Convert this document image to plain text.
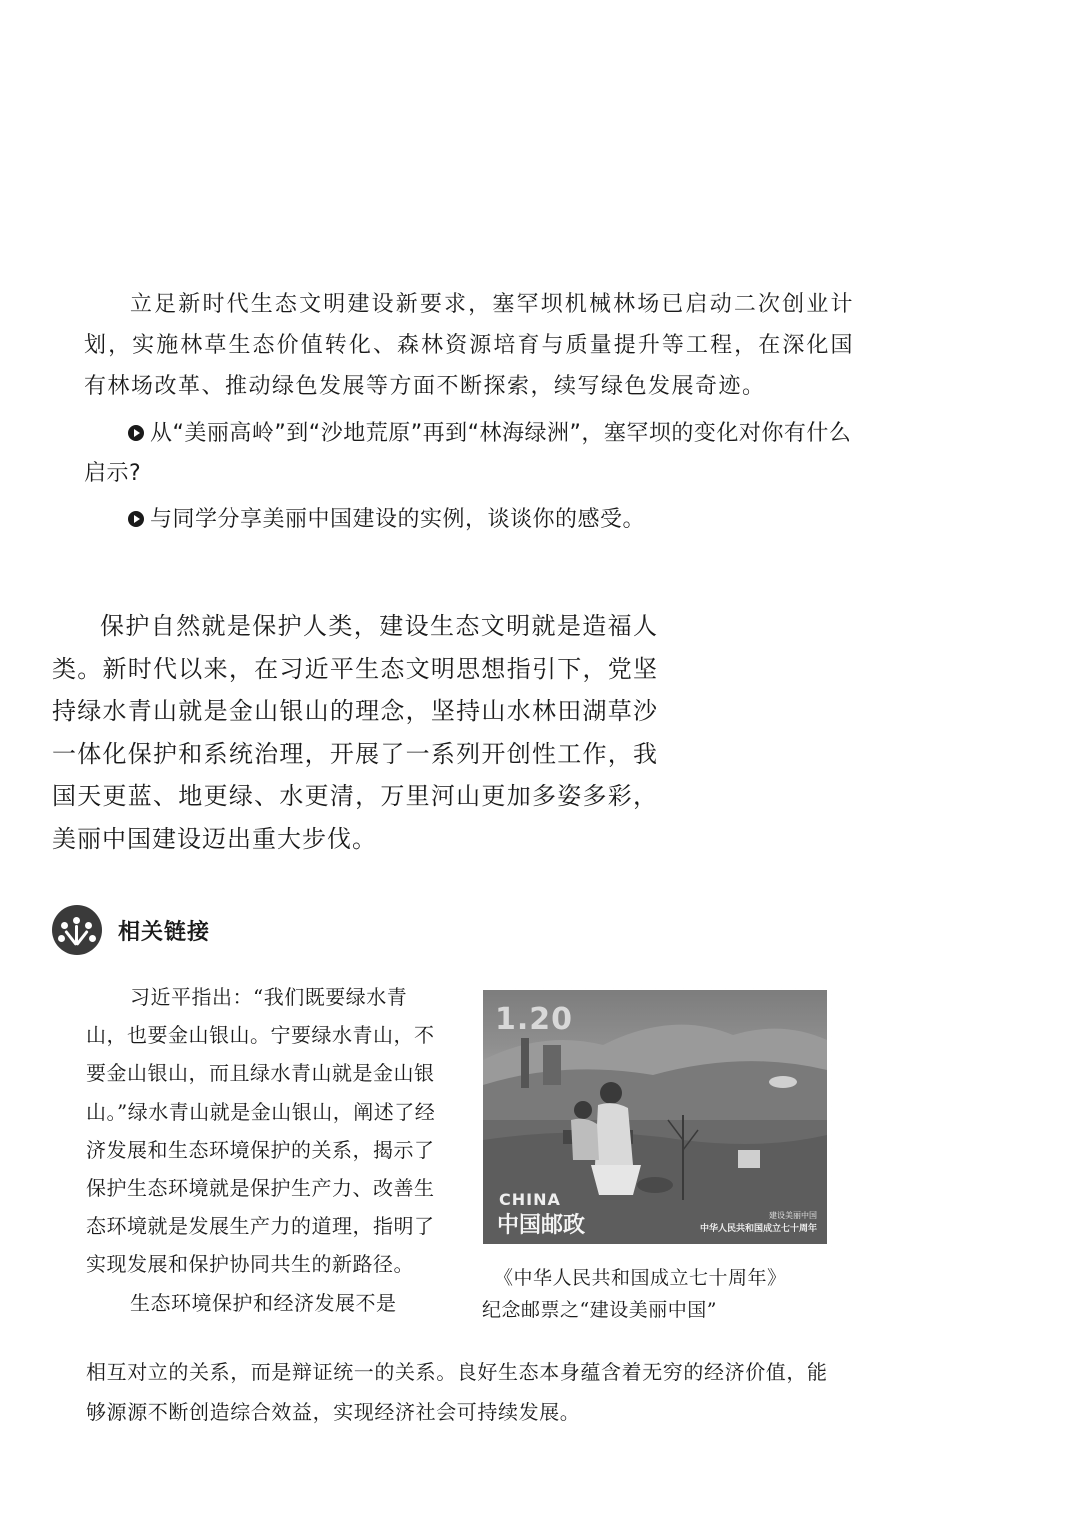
立足新时代生态文明建设新要求，塞罕坝机械林场已启动二次创业计划，实施林草生态价值转化、森林资源培育与质量提升等工程，在深化国有林场改革、推动绿色发展等方面不断探索，续写绿色发展奇迹。

从“美丽高岭”到“沙地荒原”再到“林海绿洲”，塞罕坝的变化对你有什么启示?

与同学分享美丽中国建设的实例，谈谈你的感受。

保护自然就是保护人类，建设生态文明就是造福人类。新时代以来，在习近平生态文明思想指引下，党坚持绿水青山就是金山银山的理念，坚持山水林田湖草沙一体化保护和系统治理，开展了一系列开创性工作，我国天更蓝、地更绿、水更清，万里河山更加多姿多彩，美丽中国建设迈出重大步伐。

相关链接

习近平指出：“我们既要绿水青山，也要金山银山。宁要绿水青山，不要金山银山，而且绿水青山就是金山银山。”绿水青山就是金山银山，阐述了经济发展和生态环境保护的关系，揭示了保护生态环境就是保护生产力、改善生态环境就是发展生产力的道理，指明了实现发展和保护协同共生的新路径。

生态环境保护和经济发展不是

相互对立的关系，而是辩证统一的关系。良好生态本身蕴含着无穷的经济价值，能够源源不断创造综合效益，实现经济社会可持续发展。

1.20
CHINA
中国邮政	建设美丽中国
中华人民共和国成立七十周年
《中华人民共和国成立七十周年》
纪念邮票之“建设美丽中国”
